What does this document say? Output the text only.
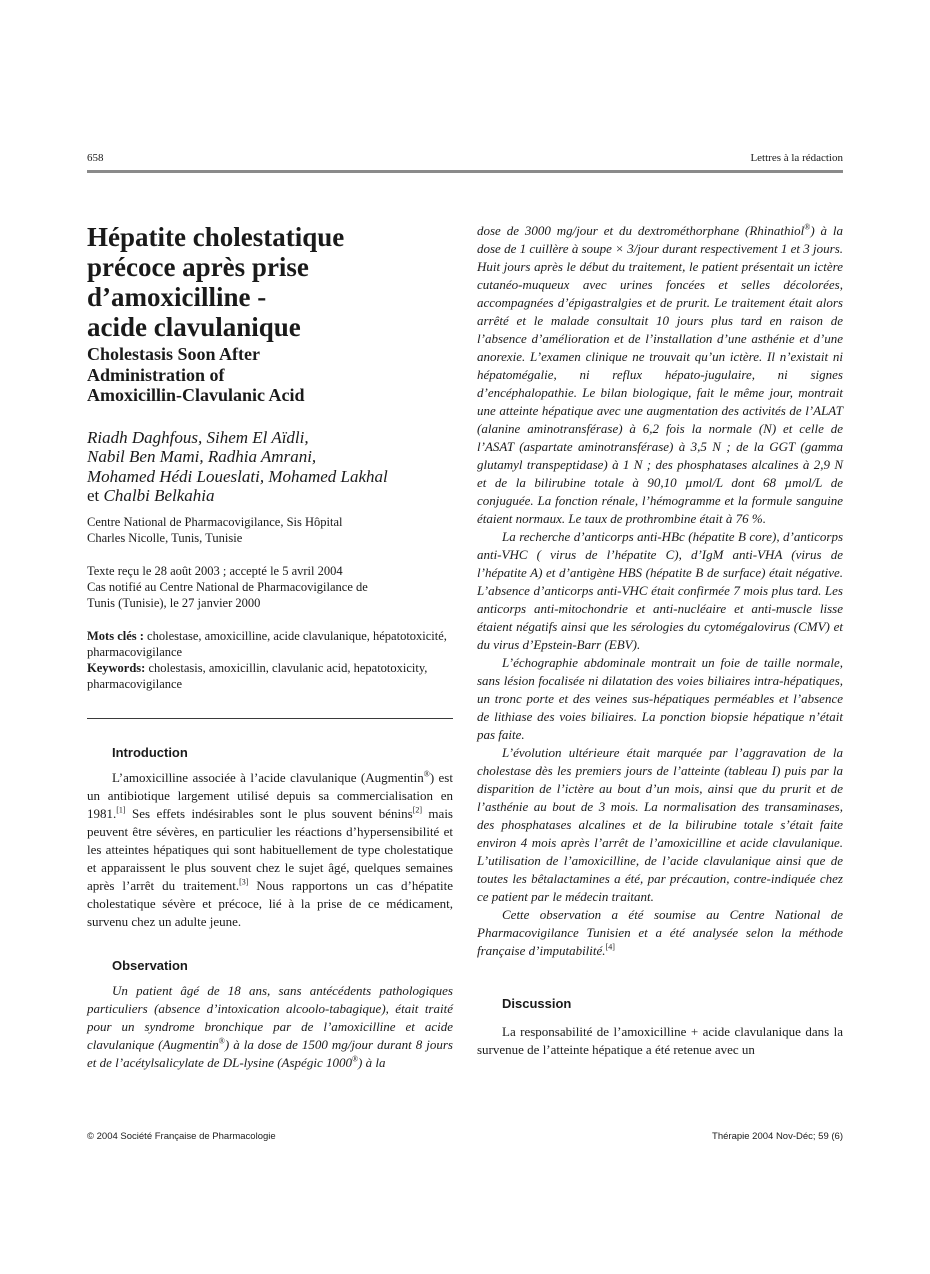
658	Lettres à la rédaction
Hépatite cholestatique
précoce après prise
d’amoxicilline -
acide clavulanique
Cholestasis Soon After
Administration of
Amoxicillin-Clavulanic Acid

Riadh Daghfous, Sihem El Aïdli,
Nabil Ben Mami, Radhia Amrani,
Mohamed Hédi Loueslati, Mohamed Lakhal
et Chalbi Belkahia

Centre National de Pharmacovigilance, Sis Hôpital
Charles Nicolle, Tunis, Tunisie

Texte reçu le 28 août 2003 ; accepté le 5 avril 2004
Cas notifié au Centre National de Pharmacovigilance de
Tunis (Tunisie), le 27 janvier 2000

Mots clés : cholestase, amoxicilline, acide clavulanique, hépatotoxicité, pharmacovigilance

Keywords: cholestasis, amoxicillin, clavulanic acid, hepatotoxicity, pharmacovigilance

Introduction

L’amoxicilline associée à l’acide clavulanique (Augmentin®) est un antibiotique largement utilisé depuis sa commercialisation en 1981.[1] Ses effets indésirables sont le plus souvent bénins[2] mais peuvent être sévères, en particulier les réactions d’hypersensibilité et les atteintes hépatiques qui sont habituellement de type cholestatique et apparaissent le plus souvent chez le sujet âgé, quelques semaines après l’arrêt du traitement.[3] Nous rapportons un cas d’hépatite cholestatique sévère et précoce, lié à la prise de ce médicament, survenu chez un adulte jeune.

Observation

Un patient âgé de 18 ans, sans antécédents pathologiques particuliers (absence d’intoxication alcoolo-tabagique), était traité pour un syndrome bronchique par de l’amoxicilline et acide clavulanique (Augmentin®) à la dose de 1500 mg/jour durant 8 jours et de l’acétylsalicylate de DL-lysine (Aspégic 1000®) à la

dose de 3000 mg/jour et du dextrométhorphane (Rhinathiol®) à la dose de 1 cuillère à soupe × 3/jour durant respectivement 1 et 3 jours. Huit jours après le début du traitement, le patient présentait un ictère cutanéo-muqueux avec urines foncées et selles décolorées, accompagnées d’épigastralgies et de prurit. Le traitement était alors arrêté et le malade consultait 10 jours plus tard en raison de l’absence d’amélioration et de l’installation d’une asthénie et d’une anorexie. L’examen clinique ne trouvait qu’un ictère. Il n’existait ni hépatomégalie, ni reflux hépato-jugulaire, ni signes d’encéphalopathie. Le bilan biologique, fait le même jour, montrait une atteinte hépatique avec une augmentation des activités de l’ALAT (alanine aminotransférase) à 6,2 fois la normale (N) et celle de l’ASAT (aspartate aminotransférase) à 3,5 N ; de la GGT (gamma glutamyl transpeptidase) à 1 N ; des phosphatases alcalines à 2,9 N et de la bilirubine totale à 90,10 µmol/L dont 68 µmol/L de conjuguée. La fonction rénale, l’hémogramme et la formule sanguine étaient normaux. Le taux de prothrombine était à 76 %.

La recherche d’anticorps anti-HBc (hépatite B core), d’anticorps anti-VHC ( virus de l’hépatite C), d’IgM anti-VHA (virus de l’hépatite A) et d’antigène HBS (hépatite B de surface) était négative. L’absence d’anticorps anti-VHC était confirmée 7 mois plus tard. Les anticorps anti-mitochondrie et anti-nucléaire et anti-muscle lisse étaient négatifs ainsi que les sérologies du cytomégalovirus (CMV) et du virus d’Epstein-Barr (EBV).

L’échographie abdominale montrait un foie de taille normale, sans lésion focalisée ni dilatation des voies biliaires intra-hépatiques, un tronc porte et des veines sus-hépatiques perméables et l’absence de lithiase des voies biliaires. La ponction biopsie hépatique n’était pas faite.

L’évolution ultérieure était marquée par l’aggravation de la cholestase dès les premiers jours de l’atteinte (tableau I) puis par la disparition de l’ictère au bout d’un mois, ainsi que du prurit et de l’asthénie au bout de 3 mois. La normalisation des transaminases, des phosphatases alcalines et de la bilirubine totale s’était faite environ 4 mois après l’arrêt de l’amoxicilline et acide clavulanique. L’utilisation de l’amoxicilline, de l’acide clavulanique ainsi que de toutes les bêtalactamines a été, par précaution, contre-indiquée chez ce patient par le médecin traitant.

Cette observation a été soumise au Centre National de Pharmacovigilance Tunisien et a été analysée selon la méthode française d’imputabilité.[4]

Discussion

La responsabilité de l’amoxicilline + acide clavulanique dans la survenue de l’atteinte hépatique a été retenue avec un

© 2004 Société Française de Pharmacologie	Thérapie 2004 Nov-Déc; 59 (6)
